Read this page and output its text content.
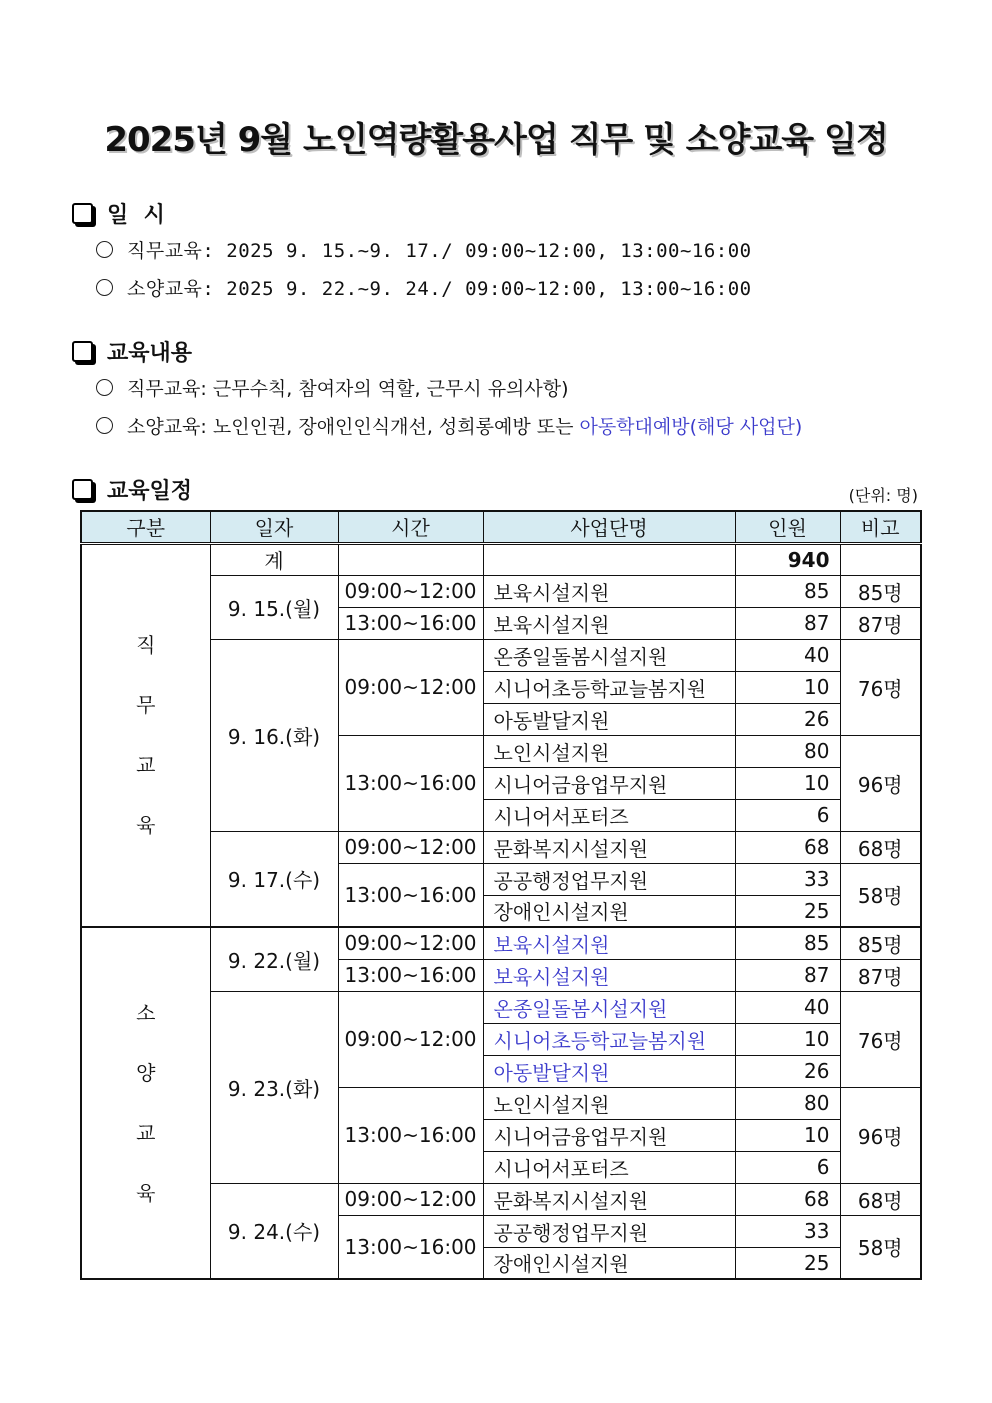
2025년 9월 노인역량활용사업 직무 및 소양교육 일정
일  시
직무교육: 2025 9. 15.~9. 17./ 09:00~12:00, 13:00~16:00
소양교육: 2025 9. 22.~9. 24./ 09:00~12:00, 13:00~16:00
교육내용
직무교육: 근무수칙, 참여자의 역할, 근무시 유의사항)
소양교육: 노인인권, 장애인인식개선, 성희롱예방 또는 아동학대예방(해당 사업단)
교육일정	(단위: 명)
구분	일자	시간	사업단명	인원	비고

직
무
교
육	계			940	
	9. 15.(월)	09:00~12:00	보육시설지원	85	85명
		13:00~16:00	보육시설지원	87	87명
	9. 16.(화)	09:00~12:00	온종일돌봄시설지원	40	76명
			시니어초등학교늘봄지원	10	
			아동발달지원	26	
		13:00~16:00	노인시설지원	80	96명
			시니어금융업무지원	10	
			시니어서포터즈	6	
	9. 17.(수)	09:00~12:00	문화복지시설지원	68	68명
		13:00~16:00	공공행정업무지원	33	58명
			장애인시설지원	25	

소
양
교
육	9. 22.(월)	09:00~12:00	보육시설지원	85	85명
		13:00~16:00	보육시설지원	87	87명
	9. 23.(화)	09:00~12:00	온종일돌봄시설지원	40	76명
			시니어초등학교늘봄지원	10	
			아동발달지원	26	
		13:00~16:00	노인시설지원	80	96명
			시니어금융업무지원	10	
			시니어서포터즈	6	
	9. 24.(수)	09:00~12:00	문화복지시설지원	68	68명
		13:00~16:00	공공행정업무지원	33	58명
			장애인시설지원	25	
